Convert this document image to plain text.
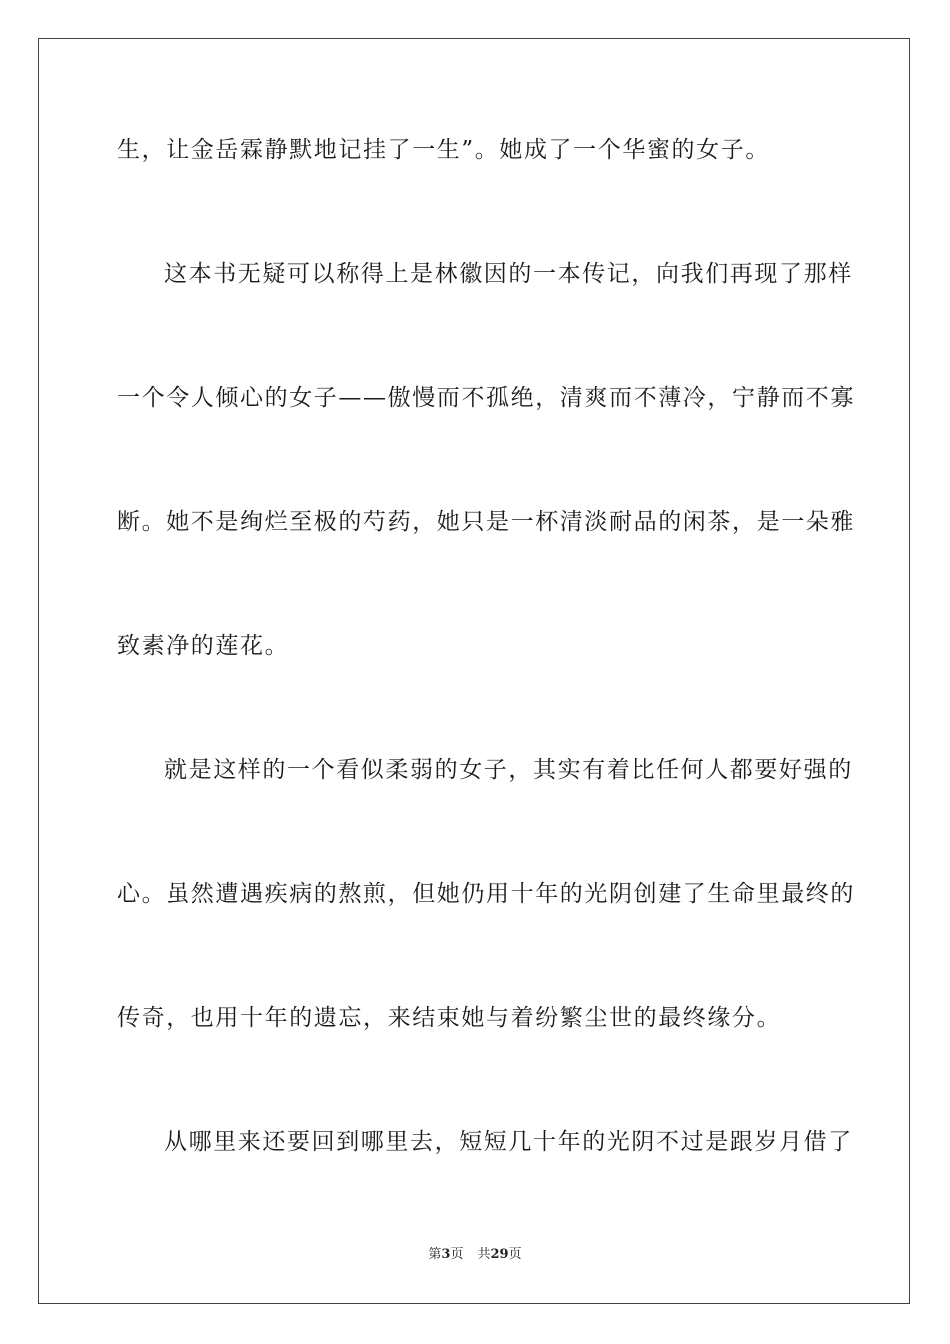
生，让金岳霖静默地记挂了一生”。她成了一个华蜜的女子。
这本书无疑可以称得上是林徽因的一本传记，向我们再现了那样
一个令人倾心的女子——傲慢而不孤绝，清爽而不薄冷，宁静而不寡
断。她不是绚烂至极的芍药，她只是一杯清淡耐品的闲茶，是一朵雅
致素净的莲花。
就是这样的一个看似柔弱的女子，其实有着比任何人都要好强的
心。虽然遭遇疾病的熬煎，但她仍用十年的光阴创建了生命里最终的
传奇，也用十年的遗忘，来结束她与着纷繁尘世的最终缘分。
从哪里来还要回到哪里去，短短几十年的光阴不过是跟岁月借了
第3页 共29页
